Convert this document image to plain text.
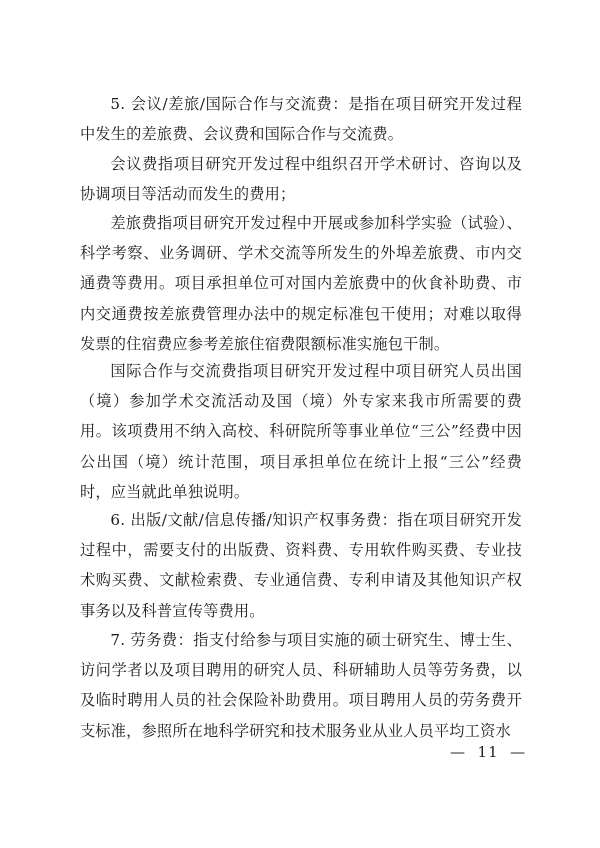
5. 会议/差旅/国际合作与交流费：是指在项目研究开发过程中发生的差旅费、会议费和国际合作与交流费。

会议费指项目研究开发过程中组织召开学术研讨、咨询以及协调项目等活动而发生的费用；

差旅费指项目研究开发过程中开展或参加科学实验（试验）、科学考察、业务调研、学术交流等所发生的外埠差旅费、市内交通费等费用。项目承担单位可对国内差旅费中的伙食补助费、市内交通费按差旅费管理办法中的规定标准包干使用；对难以取得发票的住宿费应参考差旅住宿费限额标准实施包干制。

国际合作与交流费指项目研究开发过程中项目研究人员出国（境）参加学术交流活动及国（境）外专家来我市所需要的费用。该项费用不纳入高校、科研院所等事业单位“三公”经费中因公出国（境）统计范围，项目承担单位在统计上报“三公”经费时，应当就此单独说明。

6. 出版/文献/信息传播/知识产权事务费：指在项目研究开发过程中，需要支付的出版费、资料费、专用软件购买费、专业技术购买费、文献检索费、专业通信费、专利申请及其他知识产权事务以及科普宣传等费用。

7. 劳务费：指支付给参与项目实施的硕士研究生、博士生、访问学者以及项目聘用的研究人员、科研辅助人员等劳务费，以及临时聘用人员的社会保险补助费用。项目聘用人员的劳务费开支标准，参照所在地科学研究和技术服务业从业人员平均工资水

—  11  —
